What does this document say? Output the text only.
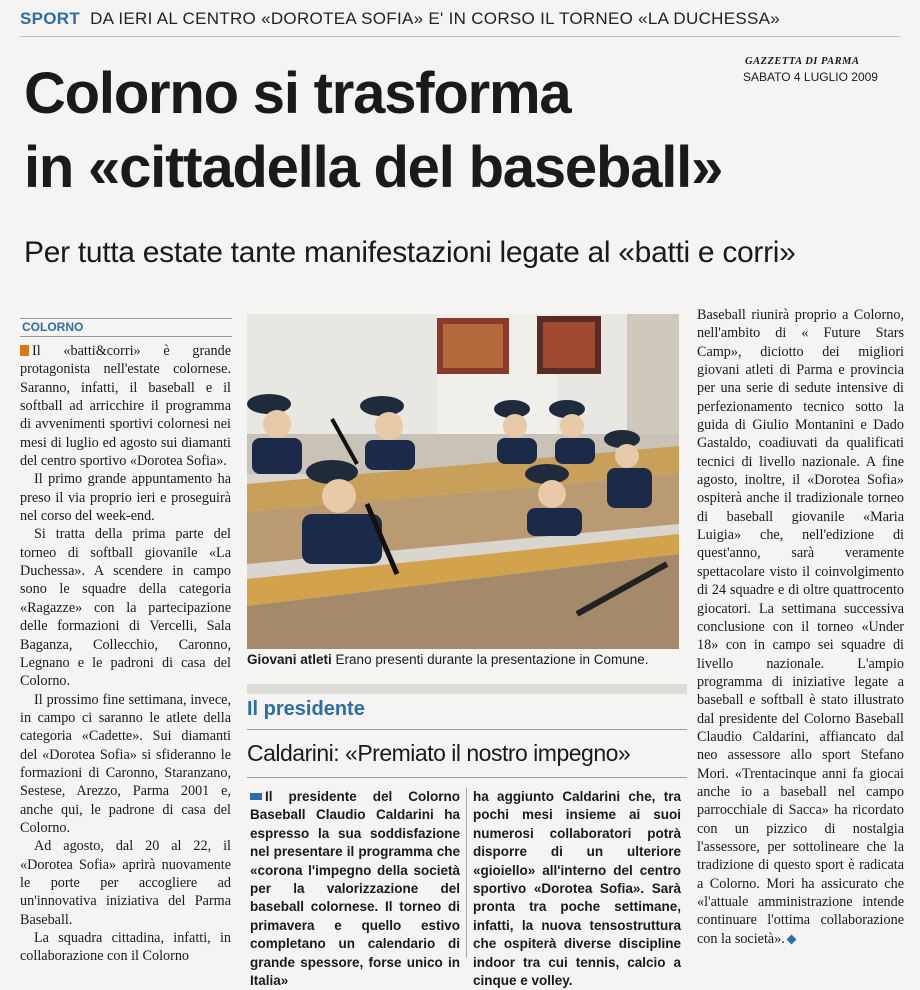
SPORT DA IERI AL CENTRO «DOROTEA SOFIA» E' IN CORSO IL TORNEO «LA DUCHESSA»
GAZZETTA DI PARMA
SABATO 4 LUGLIO 2009
Colorno si trasforma
in «cittadella del baseball»
Per tutta estate tante manifestazioni legate al «batti e corri»
COLORNO

Il «batti&corri» è grande protagonista nell'estate colornese. Saranno, infatti, il baseball e il softball ad arricchire il programma di avvenimenti sportivi colornesi nei mesi di luglio ed agosto sui diamanti del centro sportivo «Dorotea Sofia».

Il primo grande appuntamento ha preso il via proprio ieri e proseguirà nel corso del week-end.

Si tratta della prima parte del torneo di softball giovanile «La Duchessa». A scendere in campo sono le squadre della categoria «Ragazze» con la partecipazione delle formazioni di Vercelli, Sala Baganza, Collecchio, Caronno, Legnano e le padroni di casa del Colorno.

Il prossimo fine settimana, invece, in campo ci saranno le atlete della categoria «Cadette». Sui diamanti del «Dorotea Sofia» si sfideranno le formazioni di Caronno, Staranzano, Sestese, Arezzo, Parma 2001 e, anche qui, le padrone di casa del Colorno.

Ad agosto, dal 20 al 22, il «Dorotea Sofia» aprirà nuovamente le porte per accogliere ad un'innovativa iniziativa del Parma Baseball.

La squadra cittadina, infatti, in collaborazione con il Colorno

Giovani atleti Erano presenti durante la presentazione in Comune.
Il presidente
Caldarini: «Premiato il nostro impegno»

Il presidente del Colorno Baseball Claudio Caldarini ha espresso la sua soddisfazione nel presentare il programma che «corona l'impegno della società per la valorizzazione del baseball colornese. Il torneo di primavera e quello estivo completano un calendario di grande spessore, forse unico in Italia»

ha aggiunto Caldarini che, tra pochi mesi insieme ai suoi numerosi collaboratori potrà disporre di un ulteriore «gioiello» all'interno del centro sportivo «Dorotea Sofia». Sarà pronta tra poche settimane, infatti, la nuova tensostruttura che ospiterà diverse discipline indoor tra cui tennis, calcio a cinque e volley.

Baseball riunirà proprio a Colorno, nell'ambito di « Future Stars Camp», diciotto dei migliori giovani atleti di Parma e provincia per una serie di sedute intensive di perfezionamento tecnico sotto la guida di Giulio Montanini e Dado Gastaldo, coadiuvati da qualificati tecnici di livello nazionale. A fine agosto, inoltre, il «Dorotea Sofia» ospiterà anche il tradizionale torneo di baseball giovanile «Maria Luigia» che, nell'edizione di quest'anno, sarà veramente spettacolare visto il coinvolgimento di 24 squadre e di oltre quattrocento giocatori. La settimana successiva conclusione con il torneo «Under 18» con in campo sei squadre di livello nazionale. L'ampio programma di iniziative legate a baseball e softball è stato illustrato dal presidente del Colorno Baseball Claudio Caldarini, affiancato dal neo assessore allo sport Stefano Mori. «Trentacinque anni fa giocai anche io a baseball nel campo parrocchiale di Sacca» ha ricordato con un pizzico di nostalgia l'assessore, per sottolineare che la tradizione di questo sport è radicata a Colorno. Mori ha assicurato che «l'attuale amministrazione intende continuare l'ottima collaborazione con la società».
